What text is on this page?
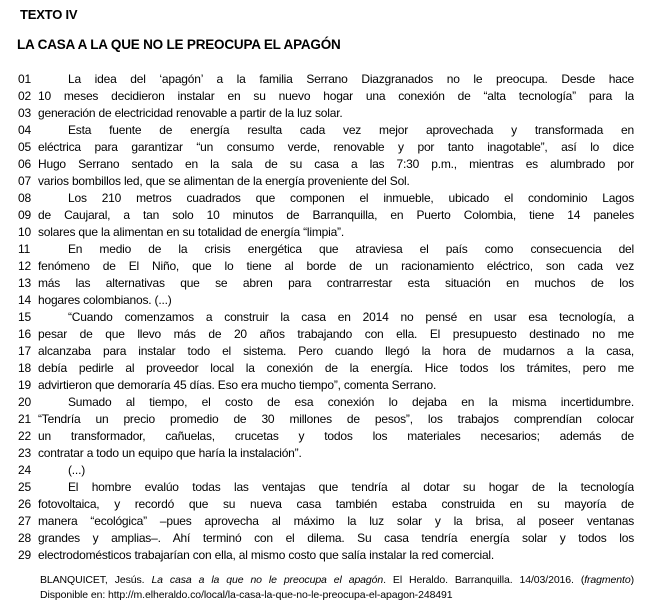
TEXTO IV

LA CASA A LA QUE NO LE PREOCUPA EL APAGÓN

01	La idea del ‘apagón’ a la familia Serrano Diazgranados no le preocupa. Desde hace
02 10 meses decidieron instalar en su nuevo hogar una conexión de “alta tecnología” para la
03 generación de electricidad renovable a partir de la luz solar.
04	Esta fuente de energía resulta cada vez mejor aprovechada y transformada en
05 eléctrica para garantizar “un consumo verde, renovable y por tanto inagotable”, así lo dice
06 Hugo Serrano sentado en la sala de su casa a las 7:30 p.m., mientras es alumbrado por
07 varios bombillos led, que se alimentan de la energía proveniente del Sol.
08	Los 210 metros cuadrados que componen el inmueble, ubicado el condominio Lagos
09 de Caujaral, a tan solo 10 minutos de Barranquilla, en Puerto Colombia, tiene 14 paneles
10 solares que la alimentan en su totalidad de energía “limpia”.
11	En medio de la crisis energética que atraviesa el país como consecuencia del
12 fenómeno de El Niño, que lo tiene al borde de un racionamiento eléctrico, son cada vez
13 más las alternativas que se abren para contrarrestar esta situación en muchos de los
14 hogares colombianos. (...)
15	“Cuando comenzamos a construir la casa en 2014 no pensé en usar esa tecnología, a
16 pesar de que llevo más de 20 años trabajando con ella. El presupuesto destinado no me
17 alcanzaba para instalar todo el sistema. Pero cuando llegó la hora de mudarnos a la casa,
18 debía pedirle al proveedor local la conexión de la energía. Hice todos los trámites, pero me
19 advirtieron que demoraría 45 días. Eso era mucho tiempo”, comenta Serrano.
20	Sumado al tiempo, el costo de esa conexión lo dejaba en la misma incertidumbre.
21 “Tendría un precio promedio de 30 millones de pesos”, los trabajos comprendían colocar
22 un transformador, cañuelas, crucetas y todos los materiales necesarios; además de
23 contratar a todo un equipo que haría la instalación”.
24	(...)
25	El hombre evalúo todas las ventajas que tendría al dotar su hogar de la tecnología
26 fotovoltaica, y recordó que su nueva casa también estaba construida en su mayoría de
27 manera “ecológica” –pues aprovecha al máximo la luz solar y la brisa, al poseer ventanas
28 grandes y amplias–. Ahí terminó con el dilema. Su casa tendría energía solar y todos los
29 electrodomésticos trabajarían con ella, al mismo costo que salía instalar la red comercial.
BLANQUICET, Jesús. La casa a la que no le preocupa el apagón. El Heraldo. Barranquilla. 14/03/2016. (fragmento)
Disponible en: http://m.elheraldo.co/local/la-casa-la-que-no-le-preocupa-el-apagon-248491
